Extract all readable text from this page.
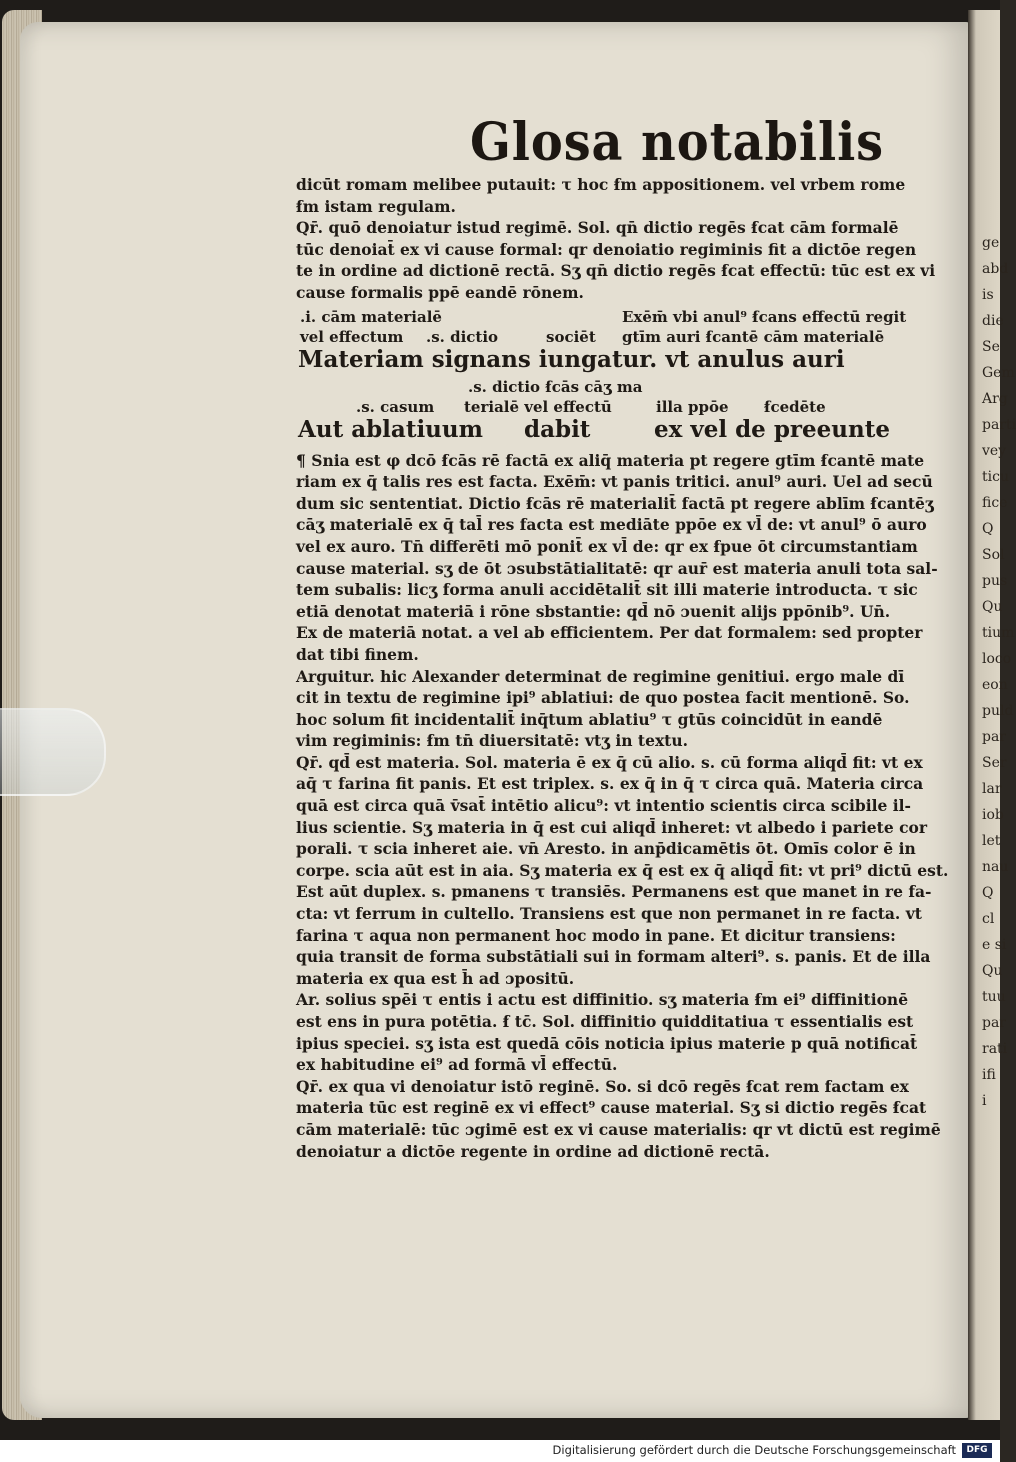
ge
abd
is
die
Se
Gem
Arg
parti
vey
ticu
fice
Q
Sol
pus
Qu
tium
loco
eon
puld
par
Ser
lar
iob
let
nau
Q
cl
e si
Qu
tuu
par
rati
ifi
i
Glosa notabilis
dicūt romam melibee putauit: τ hoc ẜm appositionem. vel vrbem rome
ẜm istam regulam.
Qr̄. quō denoiatur istud regimē. Sol. qn̄ dictio regēs ẜcat cām formalē
tūc denoiat̄ ex vi cause formal: qr denoiatio regiminis fit a dictōe regen
te in ordine ad dictionē rectā. Sʒ qn̄ dictio regēs ẜcat effectū: tūc est ex vi
cause formalis ppē eandē rōnem.
.i. cām materialē	Exēm̄ vbi anul⁹ ẜcans effectū regit
vel effectum .s. dictio	sociēt gtīm auri ẜcantē cām materialē
Materiam signans iungatur. vt anulus auri
.s. dictio ẜcās cāʒ ma
.s. casum terialē vel effectū	illa ppōe ẜcedēte
Aut ablatiuum dabit	ex vel de preeunte
¶ Snia est φ dcō ẜcās rē factā ex aliq̄ materia pt regere gtīm ẜcantē mate
riam ex q̄ talis res est facta. Exēm̄: vt panis tritici. anul⁹ auri. Uel ad secū
dum sic sententiat. Dictio ẜcās rē materialit̄ factā pt regere ablīm ẜcantēʒ
cāʒ materialē ex q̄ tal̄ res facta est mediāte ppōe ex vl̄ de: vt anul⁹ ō auro
vel ex auro. Tn̄ differēti mō ponit̄ ex vl̄ de: qr ex ẜpue ōt circumstantiam
cause material. sʒ de ōt ɔsubstātialitatē: qr aur̄ est materia anuli tota sal-
tem subalis: licʒ forma anuli accidētalit̄ sit illi materie introducta. τ sic
etiā denotat materiā i rōne sbstantie: qd̄ nō ɔuenit alijs ppōnib⁹. Un̄.
Ex de materiā notat. a vel ab efficientem. Per dat formalem: sed propter
dat tibi finem.
Arguitur. hic Alexander determinat de regimine genitiui. ergo male dī
cit in textu de regimine ipi⁹ ablatiui: de quo postea facit mentionē. So.
hoc solum fit incidentalit̄ inq̄tum ablatiu⁹ τ gtūs coincidūt in eandē
vim regiminis: ẜm tn̄ diuersitatē: vtʒ in textu.
Qr̄. qd̄ est materia. Sol. materia ē ex q̄ cū alio. s. cū forma aliqd̄ fit: vt ex
aq̄ τ farina fit panis. Et est triplex. s. ex q̄ in q̄ τ circa quā. Materia circa
quā est circa quā v̄sat̄ intētio alicu⁹: vt intentio scientis circa scibile il-
lius scientie. Sʒ materia in q̄ est cui aliqd̄ inheret: vt albedo i pariete cor
porali. τ scia inheret aie. vn̄ Aresto. in anp̄dicamētis ōt. Omīs color ē in
corpe. scia aūt est in aia. Sʒ materia ex q̄ est ex q̄ aliqd̄ fit: vt pri⁹ dictū est.
Est aūt duplex. s. pmanens τ transiēs. Permanens est que manet in re fa-
cta: vt ferrum in cultello. Transiens est que non permanet in re facta. vt
farina τ aqua non permanent hoc modo in pane. Et dicitur transiens:
quia transit de forma substātiali sui in formam alteri⁹. s. panis. Et de illa
materia ex qua est h̄ ad ɔpositū.
Ar. solius spēi τ entis i actu est diffinitio. sʒ materia ẜm ei⁹ diffinitionē
est ens in pura potētia. ẜ tc̄. Sol. diffinitio quidditatiua τ essentialis est
ipius speciei. sʒ ista est quedā cōis noticia ipius materie p quā notificat̄
ex habitudine ei⁹ ad formā vl̄ effectū.
Qr̄. ex qua vi denoiatur istō reginē. So. si dcō regēs ẜcat rem factam ex
materia tūc est reginē ex vi effect⁹ cause material. Sʒ si dictio regēs ẜcat
cām materialē: tūc ɔgimē est ex vi cause materialis: qr vt dictū est regimē
denoiatur a dictōe regente in ordine ad dictionē rectā.
Digitalisierung gefördert durch die Deutsche Forschungsgemeinschaft	DFG
